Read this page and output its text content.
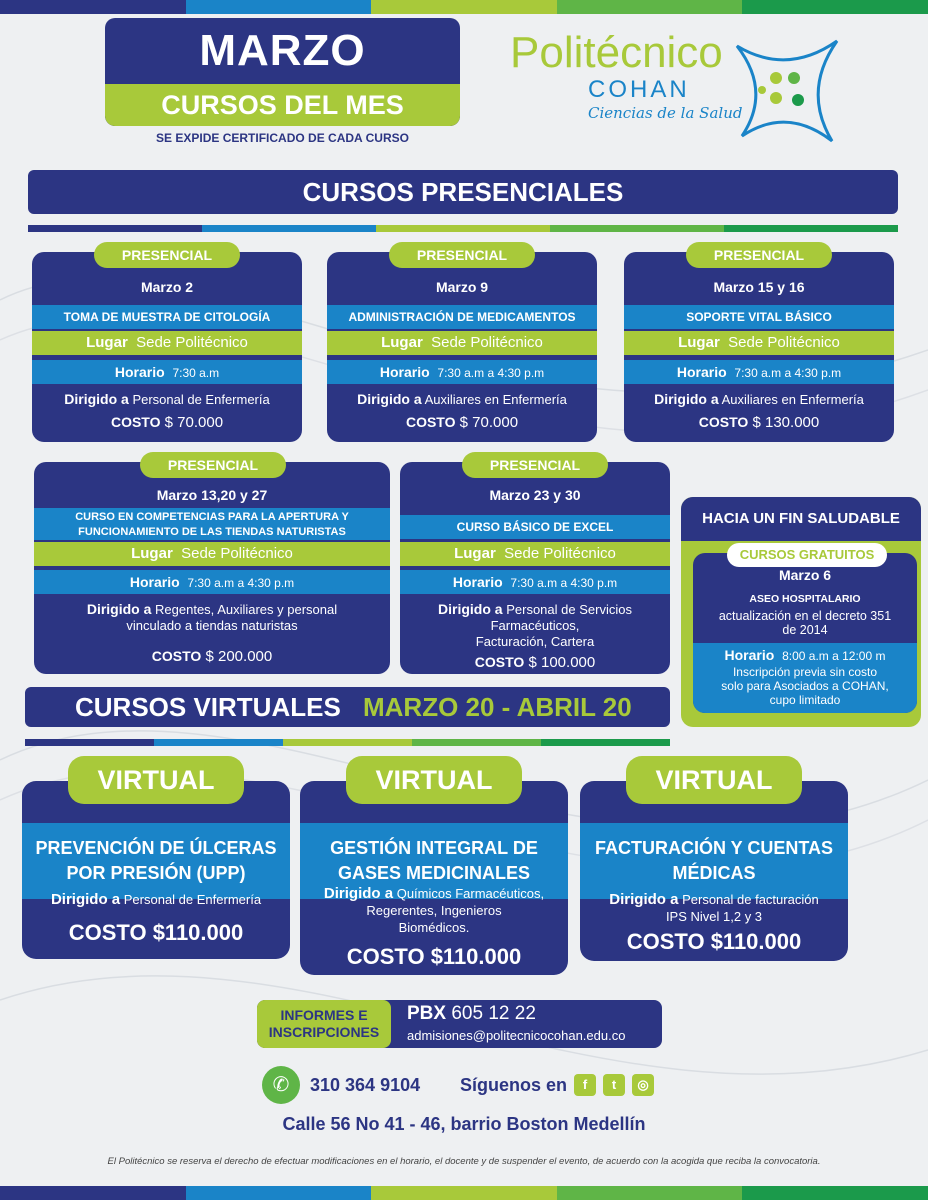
MARZO
CURSOS DEL MES
SE EXPIDE CERTIFICADO DE CADA CURSO
Politécnico
COHAN
Ciencias de la Salud
CURSOS PRESENCIALES
PRESENCIAL
Marzo 2
TOMA DE MUESTRA DE CITOLOGÍA
Lugar Sede Politécnico
Horario 7:30 a.m
Dirigido a Personal de Enfermería
COSTO $ 70.000
PRESENCIAL
Marzo 9
ADMINISTRACIÓN DE MEDICAMENTOS
Lugar Sede Politécnico
Horario 7:30 a.m a 4:30 p.m
Dirigido a Auxiliares en Enfermería
COSTO $ 70.000
PRESENCIAL
Marzo 15 y 16
SOPORTE VITAL BÁSICO
Lugar Sede Politécnico
Horario 7:30 a.m a 4:30 p.m
Dirigido a Auxiliares en Enfermería
COSTO $ 130.000
PRESENCIAL
Marzo 13,20 y 27
CURSO EN COMPETENCIAS PARA LA APERTURA Y
FUNCIONAMIENTO DE LAS TIENDAS NATURISTAS
Lugar Sede Politécnico
Horario 7:30 a.m a 4:30 p.m
Dirigido a Regentes, Auxiliares y personal
vinculado a tiendas naturistas
COSTO $ 200.000
PRESENCIAL
Marzo 23 y 30
CURSO BÁSICO DE EXCEL
Lugar Sede Politécnico
Horario 7:30 a.m a 4:30 p.m
Dirigido a Personal de Servicios
Farmacéuticos,
Facturación, Cartera
COSTO $ 100.000
HACIA UN FIN SALUDABLE
Marzo 6
ASEO HOSPITALARIO
actualización en el decreto 351
de 2014
Horario 8:00 a.m a 12:00 m
Inscripción previa sin costo
solo para Asociados a COHAN,
cupo limitado
CURSOS GRATUITOS
CURSOS VIRTUALES MARZO 20 - ABRIL 20
VIRTUAL
PREVENCIÓN DE ÚLCERAS
POR PRESIÓN (UPP)
Dirigido a Personal de Enfermería
COSTO $110.000
VIRTUAL
GESTIÓN INTEGRAL DE
GASES MEDICINALES
Dirigido a Químicos Farmacéuticos,
Regerentes, Ingenieros
Biomédicos.
COSTO $110.000
VIRTUAL
FACTURACIÓN Y CUENTAS
MÉDICAS
Dirigido a Personal de facturación
IPS Nivel 1,2 y 3
COSTO $110.000
INFORMES E
INSCRIPCIONES
PBX 605 12 22
admisiones@politecnicocohan.edu.co
✆	310 364 9104 Síguenos en	f	t	◎
Calle 56 No 41 - 46, barrio Boston Medellín
El Politécnico se reserva el derecho de efectuar modificaciones en el horario, el docente y de suspender el evento, de acuerdo con la acogida que reciba la convocatoria.
